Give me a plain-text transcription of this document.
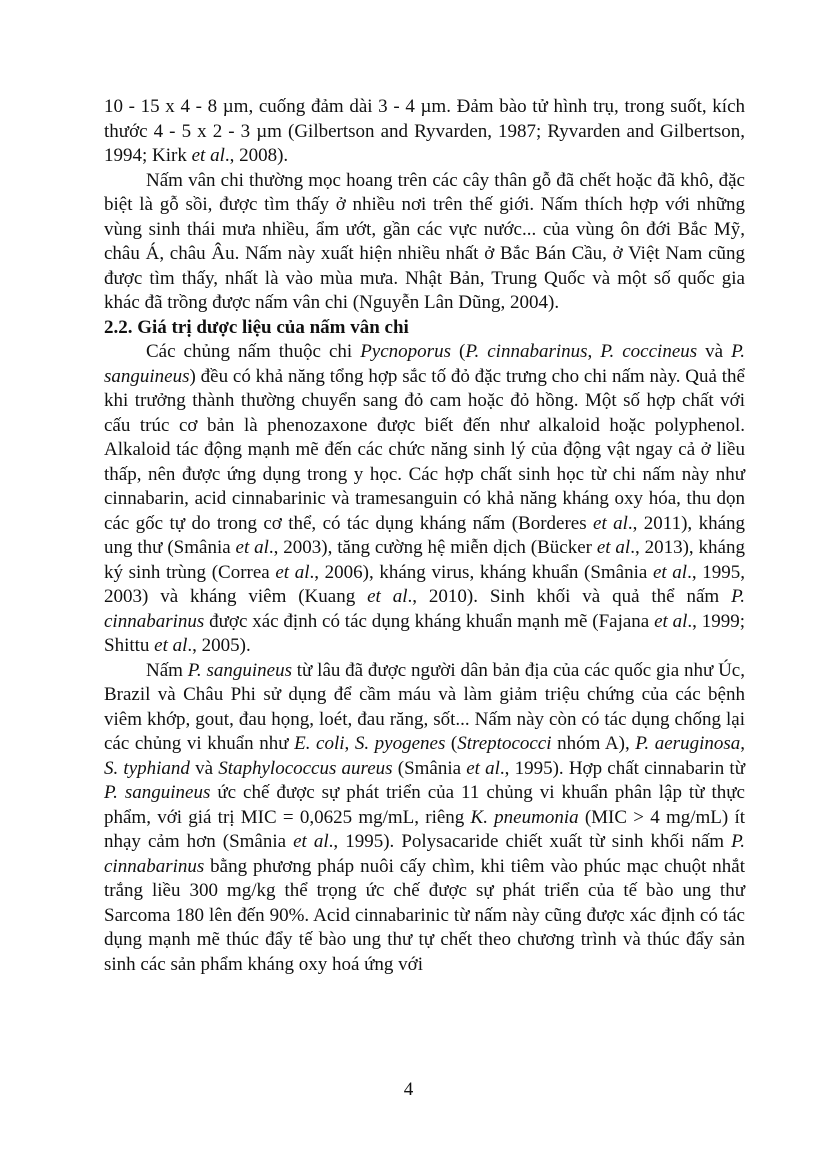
10 - 15 x 4 - 8 µm, cuống đảm dài 3 - 4 µm. Đảm bào tử hình trụ, trong suốt, kích thước 4 - 5 x 2 - 3 µm (Gilbertson and Ryvarden, 1987; Ryvarden and Gilbertson, 1994; Kirk et al., 2008).

Nấm vân chi thường mọc hoang trên các cây thân gỗ đã chết hoặc đã khô, đặc biệt là gỗ sồi, được tìm thấy ở nhiều nơi trên thế giới. Nấm thích hợp với những vùng sinh thái mưa nhiều, ẩm ướt, gần các vực nước... của vùng ôn đới Bắc Mỹ, châu Á, châu Âu. Nấm này xuất hiện nhiều nhất ở Bắc Bán Cầu, ở Việt Nam cũng được tìm thấy, nhất là vào mùa mưa. Nhật Bản, Trung Quốc và một số quốc gia khác đã trồng được nấm vân chi (Nguyễn Lân Dũng, 2004).

2.2. Giá trị dược liệu của nấm vân chi

Các chủng nấm thuộc chi Pycnoporus (P. cinnabarinus, P. coccineus và P. sanguineus) đều có khả năng tổng hợp sắc tố đỏ đặc trưng cho chi nấm này. Quả thể khi trưởng thành thường chuyển sang đỏ cam hoặc đỏ hồng. Một số hợp chất với cấu trúc cơ bản là phenozaxone được biết đến như alkaloid hoặc polyphenol. Alkaloid tác động mạnh mẽ đến các chức năng sinh lý của động vật ngay cả ở liều thấp, nên được ứng dụng trong y học. Các hợp chất sinh học từ chi nấm này như cinnabarin, acid cinnabarinic và tramesanguin có khả năng kháng oxy hóa, thu dọn các gốc tự do trong cơ thể, có tác dụng kháng nấm (Borderes et al., 2011), kháng ung thư (Smânia et al., 2003), tăng cường hệ miễn dịch (Bücker et al., 2013), kháng ký sinh trùng (Correa et al., 2006), kháng virus, kháng khuẩn (Smânia et al., 1995, 2003) và kháng viêm (Kuang et al., 2010). Sinh khối và quả thể nấm P. cinnabarinus được xác định có tác dụng kháng khuẩn mạnh mẽ (Fajana et al., 1999; Shittu et al., 2005).

Nấm P. sanguineus từ lâu đã được người dân bản địa của các quốc gia như Úc, Brazil và Châu Phi sử dụng để cầm máu và làm giảm triệu chứng của các bệnh viêm khớp, gout, đau họng, loét, đau răng, sốt... Nấm này còn có tác dụng chống lại các chủng vi khuẩn như E. coli, S. pyogenes (Streptococci nhóm A), P. aeruginosa, S. typhiand và Staphylococcus aureus (Smânia et al., 1995). Hợp chất cinnabarin từ P. sanguineus ức chế được sự phát triển của 11 chủng vi khuẩn phân lập từ thực phẩm, với giá trị MIC = 0,0625 mg/mL, riêng K. pneumonia (MIC > 4 mg/mL) ít nhạy cảm hơn (Smânia et al., 1995). Polysacaride chiết xuất từ sinh khối nấm P. cinnabarinus bằng phương pháp nuôi cấy chìm, khi tiêm vào phúc mạc chuột nhắt trắng liều 300 mg/kg thể trọng ức chế được sự phát triển của tế bào ung thư Sarcoma 180 lên đến 90%. Acid cinnabarinic từ nấm này cũng được xác định có tác dụng mạnh mẽ thúc đẩy tế bào ung thư tự chết theo chương trình và thúc đẩy sản sinh các sản phẩm kháng oxy hoá ứng với

4
